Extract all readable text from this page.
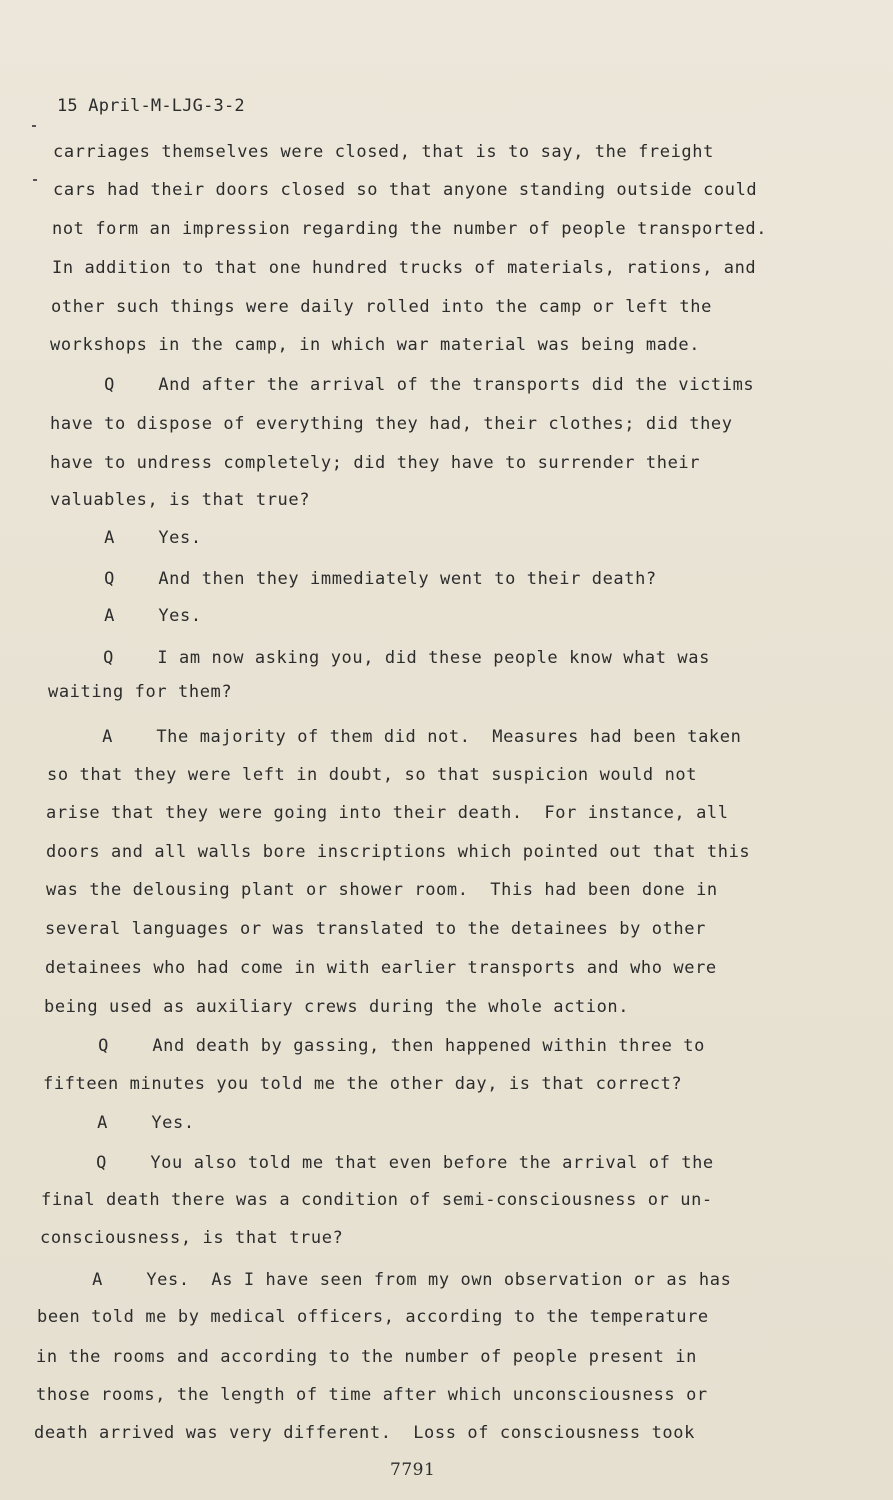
15 April-M-LJG-3-2
carriages themselves were closed, that is to say, the freight
cars had their doors closed so that anyone standing outside could
not form an impression regarding the number of people transported.
In addition to that one hundred trucks of materials, rations, and
other such things were daily rolled into the camp or left the
workshops in the camp, in which war material was being made.
Q    And after the arrival of the transports did the victims
have to dispose of everything they had, their clothes; did they
have to undress completely; did they have to surrender their
valuables, is that true?
A    Yes.
Q    And then they immediately went to their death?
A    Yes.
Q    I am now asking you, did these people know what was
waiting for them?
A    The majority of them did not.  Measures had been taken
so that they were left in doubt, so that suspicion would not
arise that they were going into their death.  For instance, all
doors and all walls bore inscriptions which pointed out that this
was the delousing plant or shower room.  This had been done in
several languages or was translated to the detainees by other
detainees who had come in with earlier transports and who were
being used as auxiliary crews during the whole action.
Q    And death by gassing, then happened within three to
fifteen minutes you told me the other day, is that correct?
A    Yes.
Q    You also told me that even before the arrival of the
final death there was a condition of semi-consciousness or un-
consciousness, is that true?
A    Yes.  As I have seen from my own observation or as has
been told me by medical officers, according to the temperature
in the rooms and according to the number of people present in
those rooms, the length of time after which unconsciousness or
death arrived was very different.  Loss of consciousness took
7791
